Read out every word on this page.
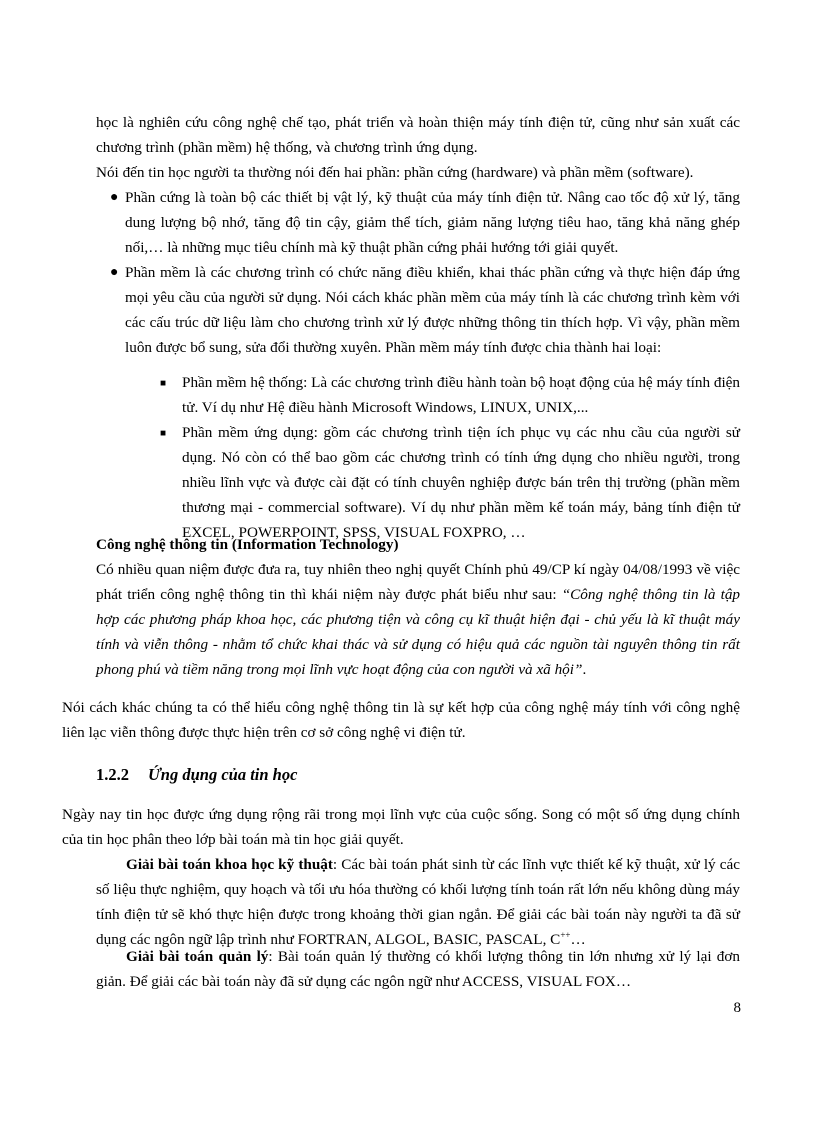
học là nghiên cứu công nghệ chế tạo, phát triển và hoàn thiện máy tính điện tử, cũng như sản xuất các chương trình (phần mềm) hệ thống, và chương trình ứng dụng.

Nói đến tin học người ta thường nói đến hai phần: phần cứng (hardware) và phần mềm (software).

● Phần cứng là toàn bộ các thiết bị vật lý, kỹ thuật của máy tính điện tử. Nâng cao tốc độ xử lý, tăng dung lượng bộ nhớ, tăng độ tin cậy, giảm thể tích, giảm năng lượng tiêu hao, tăng khả năng ghép nối,… là những mục tiêu chính mà kỹ thuật phần cứng phải hướng tới giải quyết.

● Phần mềm là các chương trình có chức năng điều khiển, khai thác phần cứng và thực hiện đáp ứng mọi yêu cầu của người sử dụng. Nói cách khác phần mềm của máy tính là các chương trình kèm với các cấu trúc dữ liệu làm cho chương trình xử lý được những thông tin thích hợp. Vì vậy, phần mềm luôn được bổ sung, sửa đổi thường xuyên. Phần mềm máy tính được chia thành hai loại:

■ Phần mềm hệ thống: Là các chương trình điều hành toàn bộ hoạt động của hệ máy tính điện tử. Ví dụ như Hệ điều hành Microsoft Windows, LINUX, UNIX,...

■ Phần mềm ứng dụng: gồm các chương trình tiện ích phục vụ các nhu cầu của người sử dụng. Nó còn có thể bao gồm các chương trình có tính ứng dụng cho nhiều người, trong nhiều lĩnh vực và được cài đặt có tính chuyên nghiệp được bán trên thị trường (phần mềm thương mại - commercial software). Ví dụ như phần mềm kế toán máy, bảng tính điện tử EXCEL, POWERPOINT, SPSS, VISUAL FOXPRO, …

Công nghệ thông tin (Information Technology)

Có nhiều quan niệm được đưa ra, tuy nhiên theo nghị quyết Chính phủ 49/CP kí ngày 04/08/1993 về việc phát triển công nghệ thông tin thì khái niệm này được phát biểu như sau: “Công nghệ thông tin là tập hợp các phương pháp khoa học, các phương tiện và công cụ kĩ thuật hiện đại - chủ yếu là kĩ thuật máy tính và viễn thông - nhằm tổ chức khai thác và sử dụng có hiệu quả các nguồn tài nguyên thông tin rất phong phú và tiềm năng trong mọi lĩnh vực hoạt động của con người và xã hội”.

Nói cách khác chúng ta có thể hiểu công nghệ thông tin là sự kết hợp của công nghệ máy tính với công nghệ liên lạc viễn thông được thực hiện trên cơ sở công nghệ vi điện tử.

1.2.2 Ứng dụng của tin học

Ngày nay tin học được ứng dụng rộng rãi trong mọi lĩnh vực của cuộc sống. Song có một số ứng dụng chính của tin học phân theo lớp bài toán mà tin học giải quyết.

Giải bài toán khoa học kỹ thuật: Các bài toán phát sinh từ các lĩnh vực thiết kế kỹ thuật, xử lý các số liệu thực nghiệm, quy hoạch và tối ưu hóa thường có khối lượng tính toán rất lớn nếu không dùng máy tính điện tử sẽ khó thực hiện được trong khoảng thời gian ngắn. Để giải các bài toán này người ta đã sử dụng các ngôn ngữ lập trình như FORTRAN, ALGOL, BASIC, PASCAL, C++…

Giải bài toán quản lý: Bài toán quản lý thường có khối lượng thông tin lớn nhưng xử lý lại đơn giản. Để giải các bài toán này đã sử dụng các ngôn ngữ như ACCESS, VISUAL FOX…

8
